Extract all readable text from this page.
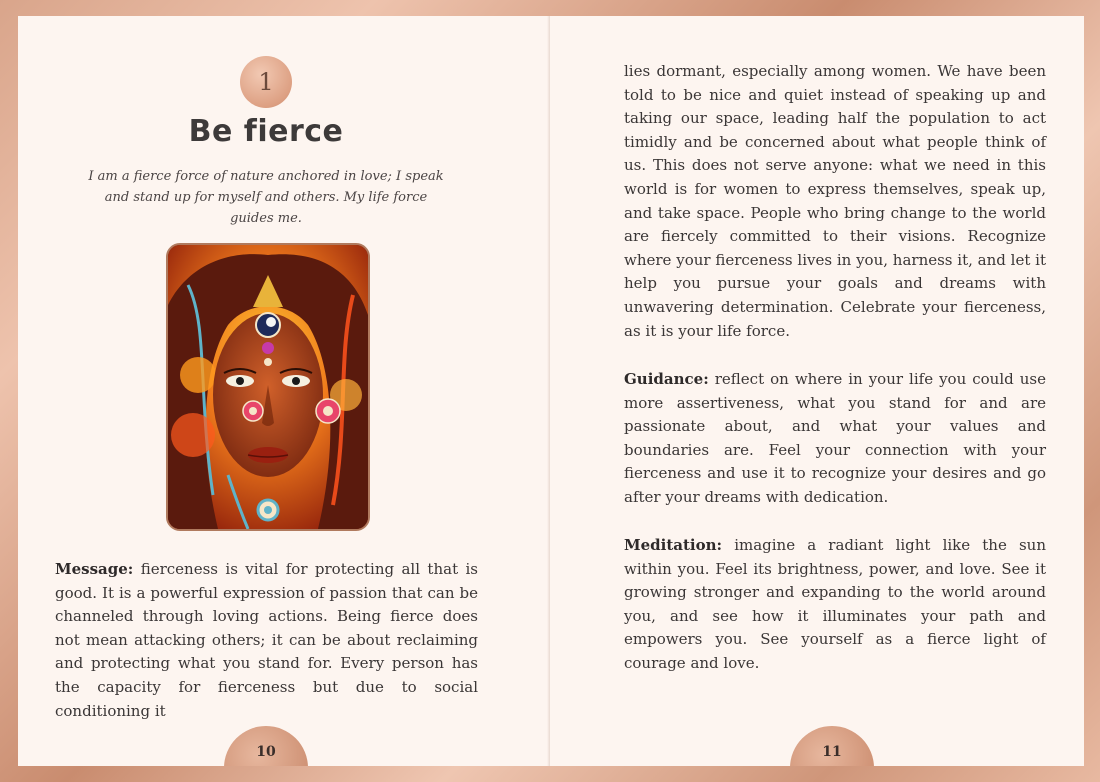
1
Be fierce
I am a fierce force of nature anchored in love; I speak and stand up for myself and others. My life force guides me.

Message: fierceness is vital for protecting all that is good. It is a powerful expression of passion that can be channeled through loving actions. Being fierce does not mean attacking others; it can be about reclaiming and protecting what you stand for. Every person has the capacity for fierceness but due to social conditioning it

10

lies dormant, especially among women. We have been told to be nice and quiet instead of speaking up and taking our space, leading half the population to act timidly and be concerned about what people think of us. This does not serve anyone: what we need in this world is for women to express themselves, speak up, and take space. People who bring change to the world are fiercely committed to their visions. Recognize where your fierceness lives in you, harness it, and let it help you pursue your goals and dreams with unwavering determination. Celebrate your fierceness, as it is your life force.

Guidance: reflect on where in your life you could use more assertiveness, what you stand for and are passionate about, and what your values and boundaries are. Feel your connection with your fierceness and use it to recognize your desires and go after your dreams with dedication.

Meditation: imagine a radiant light like the sun within you. Feel its brightness, power, and love. See it growing stronger and expanding to the world around you, and see how it illuminates your path and empowers you. See yourself as a fierce light of courage and love.

11
